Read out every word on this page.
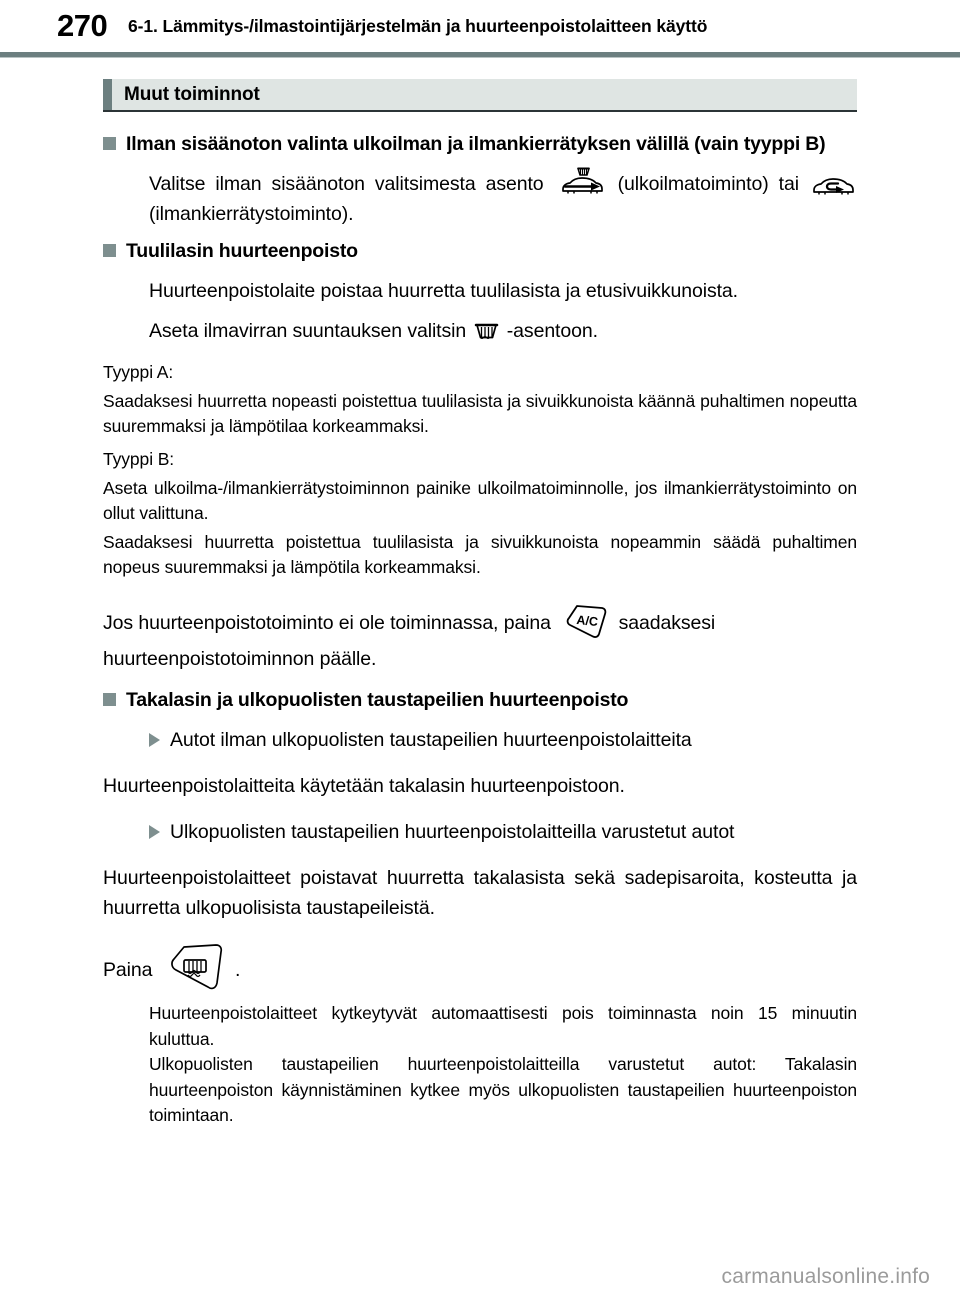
270 6-1. Lämmitys-/ilmastointijärjestelmän ja huurteenpoistolaitteen käyttö
Muut toiminnot
Ilman sisäänoton valinta ulkoilman ja ilmankierrätyksen välillä (vain tyyppi B)
Valitse ilman sisäänoton valitsimesta asento	(ulkoilmatoiminto) tai
(ilmankierrätystoiminto).
Tuulilasin huurteenpoisto
Huurteenpoistolaite poistaa huurretta tuulilasista ja etusivuikkunoista.
Aseta ilmavirran suuntauksen valitsin -asentoon.
Tyyppi A:
Saadaksesi huurretta nopeasti poistettua tuulilasista ja sivuikkunoista käännä puhaltimen nopeutta suuremmaksi ja lämpötilaa korkeammaksi.
Tyyppi B:
Aseta ulkoilma-/ilmankierrätystoiminnon painike ulkoilmatoiminnolle, jos ilmankierrätystoiminto on ollut valittuna.
Saadaksesi huurretta poistettua tuulilasista ja sivuikkunoista nopeammin säädä puhaltimen nopeus suuremmaksi ja lämpötila korkeammaksi.
Jos huurteenpoistotoiminto ei ole toiminnassa, paina A/C saadaksesi
huurteenpoistotoiminnon päälle.
Takalasin ja ulkopuolisten taustapeilien huurteenpoisto
Autot ilman ulkopuolisten taustapeilien huurteenpoistolaitteita
Huurteenpoistolaitteita käytetään takalasin huurteenpoistoon.
Ulkopuolisten taustapeilien huurteenpoistolaitteilla varustetut autot
Huurteenpoistolaitteet poistavat huurretta takalasista sekä sadepisaroita, kosteutta ja huurretta ulkopuolisista taustapeileistä.
Paina	.
Huurteenpoistolaitteet kytkeytyvät automaattisesti pois toiminnasta noin 15 minuutin kuluttua.
Ulkopuolisten taustapeilien huurteenpoistolaitteilla varustetut autot: Takalasin huurteenpoiston käynnistäminen kytkee myös ulkopuolisten taustapeilien huurteenpoiston toimintaan.
carmanualsonline.info
